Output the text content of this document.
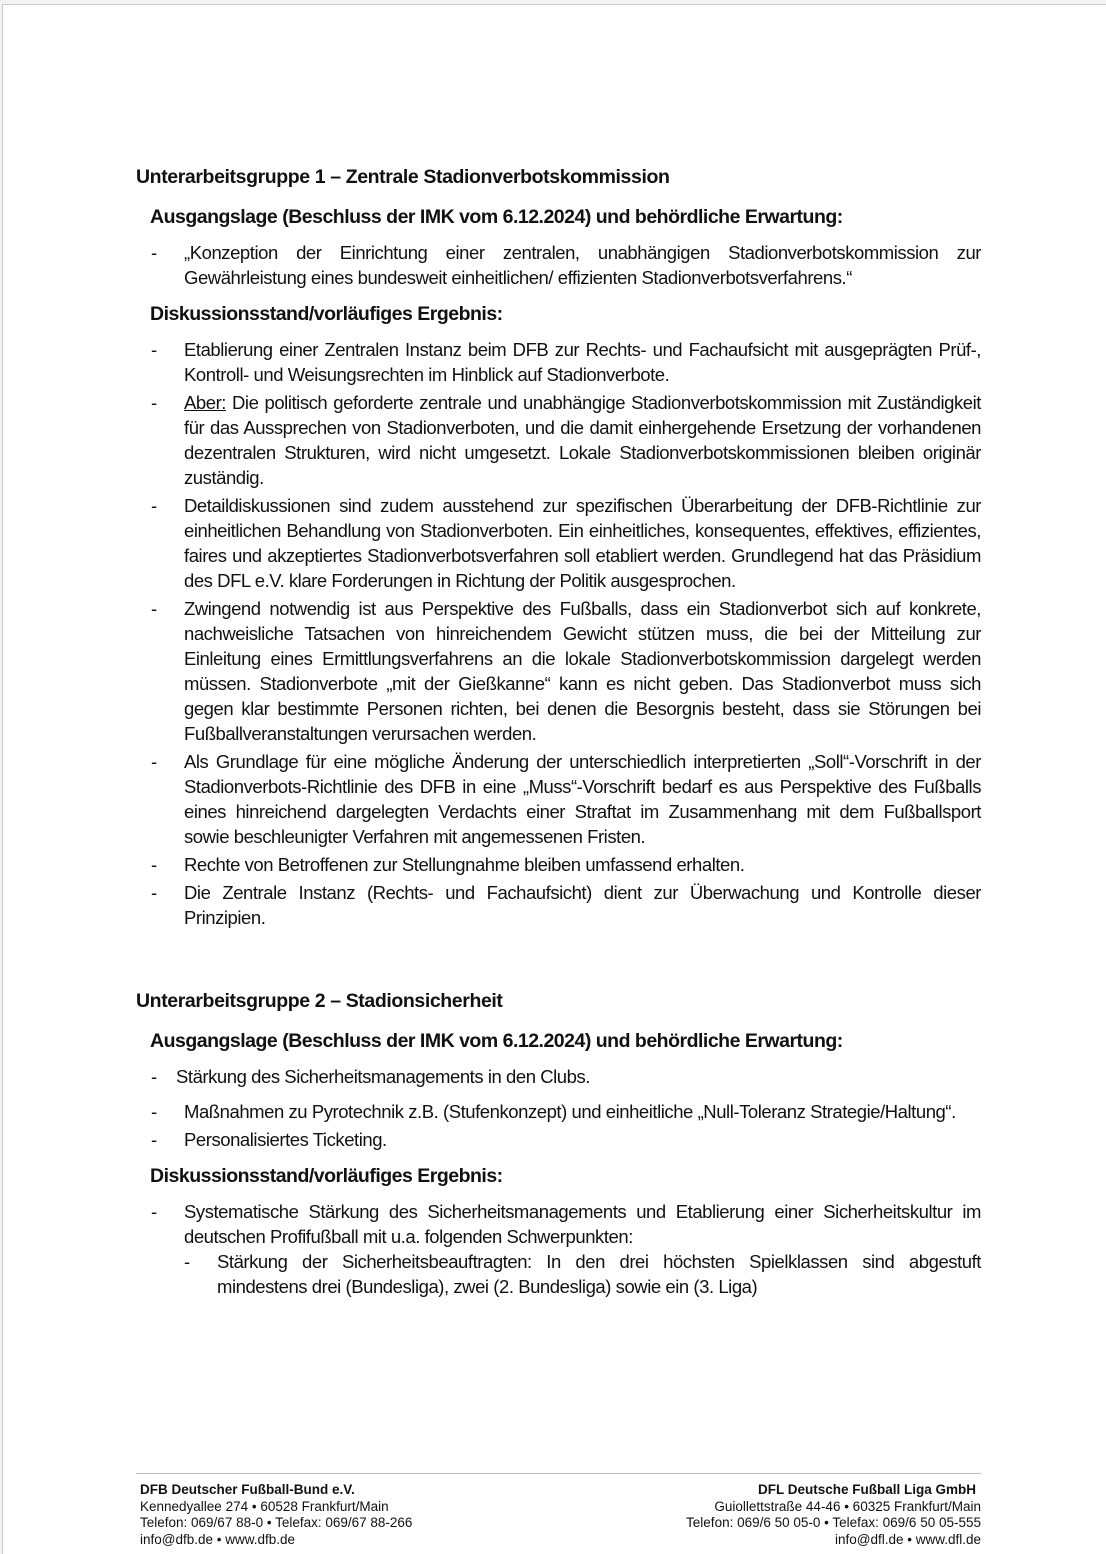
Unterarbeitsgruppe 1 – Zentrale Stadionverbotskommission
Ausgangslage (Beschluss der IMK vom 6.12.2024) und behördliche Erwartung:
- „Konzeption der Einrichtung einer zentralen, unabhängigen Stadionverbotskommission zur Gewährleistung eines bundesweit einheitlichen/ effizienten Stadionverbotsverfahrens.“
Diskussionsstand/vorläufiges Ergebnis:
- Etablierung einer Zentralen Instanz beim DFB zur Rechts- und Fachaufsicht mit ausgeprägten Prüf-, Kontroll- und Weisungsrechten im Hinblick auf Stadionverbote.
- Aber: Die politisch geforderte zentrale und unabhängige Stadionverbotskommission mit Zuständigkeit für das Aussprechen von Stadionverboten, und die damit einhergehende Ersetzung der vorhandenen dezentralen Strukturen, wird nicht umgesetzt. Lokale Stadionverbotskommissionen bleiben originär zuständig.
- Detaildiskussionen sind zudem ausstehend zur spezifischen Überarbeitung der DFB-Richtlinie zur einheitlichen Behandlung von Stadionverboten. Ein einheitliches, konsequentes, effektives, effizientes, faires und akzeptiertes Stadionverbotsverfahren soll etabliert werden. Grundlegend hat das Präsidium des DFL e.V. klare Forderungen in Richtung der Politik ausgesprochen.
- Zwingend notwendig ist aus Perspektive des Fußballs, dass ein Stadionverbot sich auf konkrete, nachweisliche Tatsachen von hinreichendem Gewicht stützen muss, die bei der Mitteilung zur Einleitung eines Ermittlungsverfahrens an die lokale Stadionverbotskommission dargelegt werden müssen. Stadionverbote „mit der Gießkanne“ kann es nicht geben. Das Stadionverbot muss sich gegen klar bestimmte Personen richten, bei denen die Besorgnis besteht, dass sie Störungen bei Fußballveranstaltungen verursachen werden.
- Als Grundlage für eine mögliche Änderung der unterschiedlich interpretierten „Soll“-Vorschrift in der Stadionverbots-Richtlinie des DFB in eine „Muss“-Vorschrift bedarf es aus Perspektive des Fußballs eines hinreichend dargelegten Verdachts einer Straftat im Zusammenhang mit dem Fußballsport sowie beschleunigter Verfahren mit angemessenen Fristen.
- Rechte von Betroffenen zur Stellungnahme bleiben umfassend erhalten.
- Die Zentrale Instanz (Rechts- und Fachaufsicht) dient zur Überwachung und Kontrolle dieser Prinzipien.
Unterarbeitsgruppe 2 – Stadionsicherheit
Ausgangslage (Beschluss der IMK vom 6.12.2024) und behördliche Erwartung:
- Stärkung des Sicherheitsmanagements in den Clubs.
- Maßnahmen zu Pyrotechnik z.B. (Stufenkonzept) und einheitliche „Null-Toleranz Strategie/Haltung“.
- Personalisiertes Ticketing.
Diskussionsstand/vorläufiges Ergebnis:
- Systematische Stärkung des Sicherheitsmanagements und Etablierung einer Sicherheitskultur im deutschen Profifußball mit u.a. folgenden Schwerpunkten:
- Stärkung der Sicherheitsbeauftragten: In den drei höchsten Spielklassen sind abgestuft mindestens drei (Bundesliga), zwei (2. Bundesliga) sowie ein (3. Liga)
DFB Deutscher Fußball-Bund e.V.
Kennedyallee 274 • 60528 Frankfurt/Main
Telefon: 069/67 88-0 • Telefax: 069/67 88-266
info@dfb.de • www.dfb.de
DFL Deutsche Fußball Liga GmbH
Guiollettstraße 44-46 • 60325 Frankfurt/Main
Telefon: 069/6 50 05-0 • Telefax: 069/6 50 05-555
info@dfl.de • www.dfl.de
